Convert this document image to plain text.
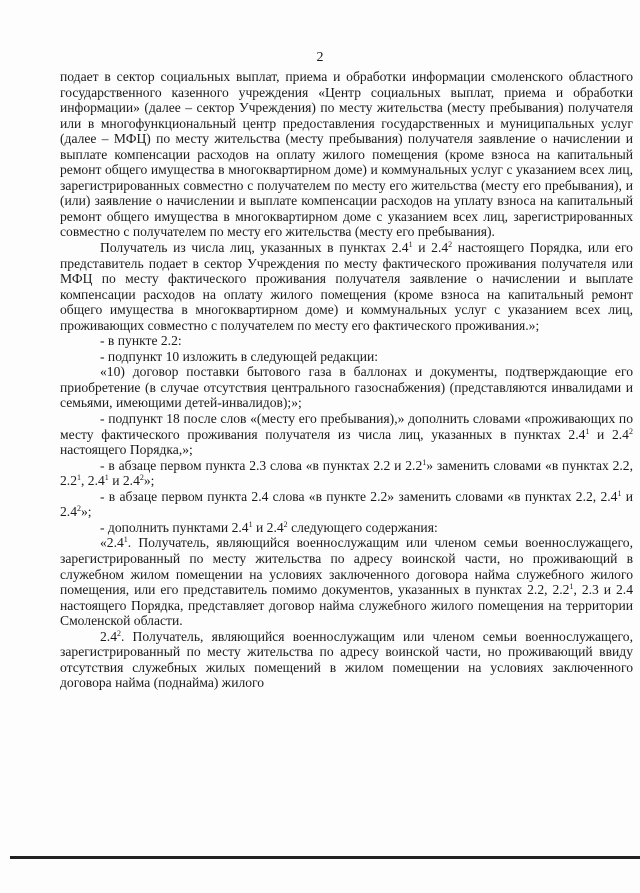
2

подает в сектор социальных выплат, приема и обработки информации смоленского областного государственного казенного учреждения «Центр социальных выплат, приема и обработки информации» (далее – сектор Учреждения) по месту жительства (месту пребывания) получателя или в многофункциональный центр предоставления государственных и муниципальных услуг (далее – МФЦ) по месту жительства (месту пребывания) получателя заявление о начислении и выплате компенсации расходов на оплату жилого помещения (кроме взноса на капитальный ремонт общего имущества в многоквартирном доме) и коммунальных услуг с указанием всех лиц, зарегистрированных совместно с получателем по месту его жительства (месту его пребывания), и (или) заявление о начислении и выплате компенсации расходов на уплату взноса на капитальный ремонт общего имущества в многоквартирном доме с указанием всех лиц, зарегистрированных совместно с получателем по месту его жительства (месту его пребывания).

Получатель из числа лиц, указанных в пунктах $2.4^1$ и $2.4^2$ настоящего Порядка, или его представитель подает в сектор Учреждения по месту фактического проживания получателя или МФЦ по месту фактического проживания получателя заявление о начислении и выплате компенсации расходов на оплату жилого помещения (кроме взноса на капитальный ремонт общего имущества в многоквартирном доме) и коммунальных услуг с указанием всех лиц, проживающих совместно с получателем по месту его фактического проживания.»;

- в пункте 2.2:

- подпункт 10 изложить в следующей редакции:

«10) договор поставки бытового газа в баллонах и документы, подтверждающие его приобретение (в случае отсутствия центрального газоснабжения) (представляются инвалидами и семьями, имеющими детей-инвалидов);»;

- подпункт 18 после слов «(месту его пребывания),» дополнить словами «проживающих по месту фактического проживания получателя из числа лиц, указанных в пунктах $2.4^1$ и $2.4^2$ настоящего Порядка,»;

- в абзаце первом пункта 2.3 слова «в пунктах 2.2 и $2.2^1$» заменить словами «в пунктах 2.2, $2.2^1$, $2.4^1$ и $2.4^2$»;

- в абзаце первом пункта 2.4 слова «в пункте 2.2» заменить словами «в пунктах 2.2, $2.4^1$ и $2.4^2$»;

- дополнить пунктами $2.4^1$ и $2.4^2$ следующего содержания:

«$2.4^1$. Получатель, являющийся военнослужащим или членом семьи военнослужащего, зарегистрированный по месту жительства по адресу воинской части, но проживающий в служебном жилом помещении на условиях заключенного договора найма служебного жилого помещения, или его представитель помимо документов, указанных в пунктах 2.2, $2.2^1$, 2.3 и 2.4 настоящего Порядка, представляет договор найма служебного жилого помещения на территории Смоленской области.

$2.4^2$. Получатель, являющийся военнослужащим или членом семьи военнослужащего, зарегистрированный по месту жительства по адресу воинской части, но проживающий ввиду отсутствия служебных жилых помещений в жилом помещении на условиях заключенного договора найма (поднайма) жилого
